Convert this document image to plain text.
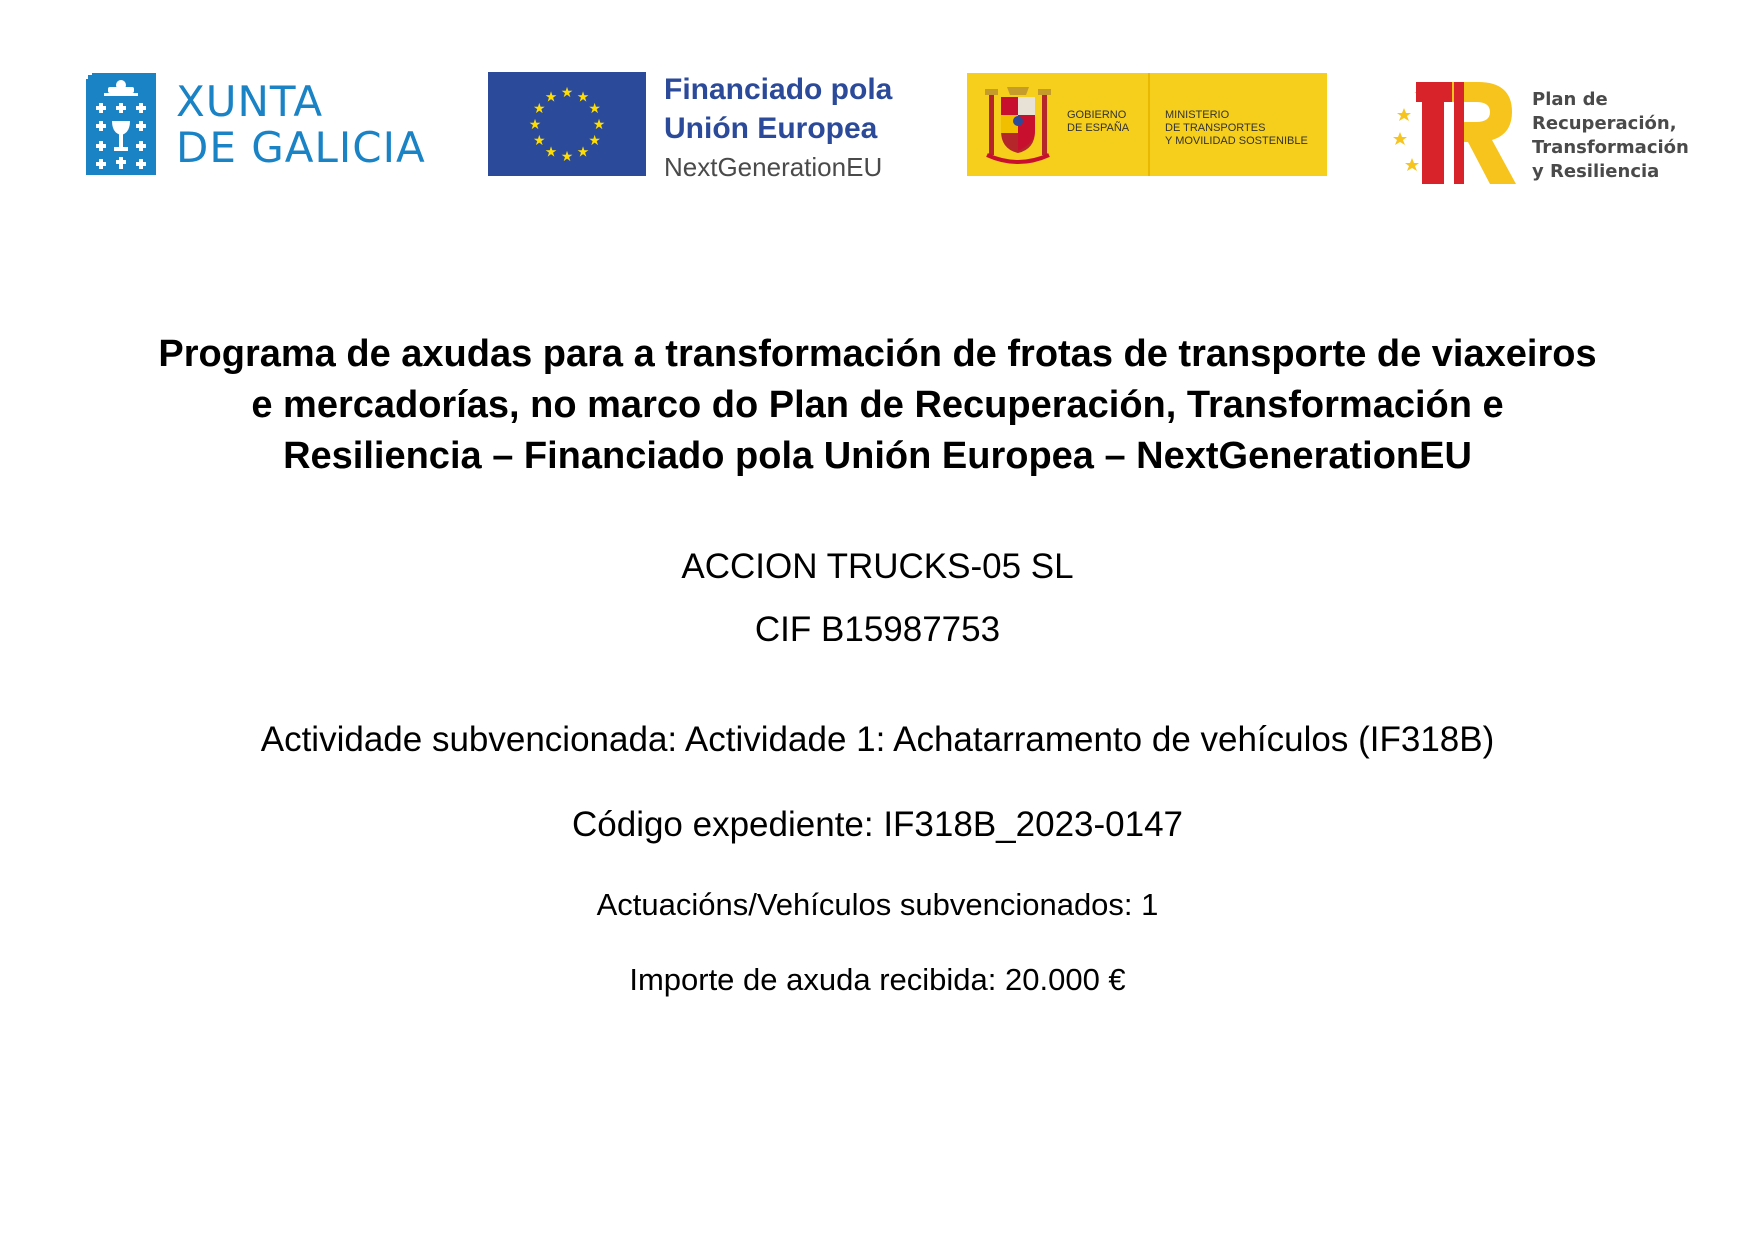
XUNTA
DE GALICIA
★ ★
★
★
★
★
★
★
★
★
★
★	Financiado pola
Unión Europea
NextGenerationEU
GOBIERNO
DE ESPAÑA
MINISTERIO
DE TRANSPORTES
Y MOVILIDAD SOSTENIBLE
Plan de
Recuperación,
Transformación
y Resiliencia
Programa de axudas para a transformación de frotas de transporte de viaxeiros
e mercadorías, no marco do Plan de Recuperación, Transformación e
Resiliencia – Financiado pola Unión Europea – NextGenerationEU
ACCION TRUCKS-05 SL
CIF B15987753
Actividade subvencionada: Actividade 1: Achatarramento de vehículos (IF318B)
Código expediente: IF318B_2023-0147
Actuacións/Vehículos subvencionados: 1
Importe de axuda recibida: 20.000 €
